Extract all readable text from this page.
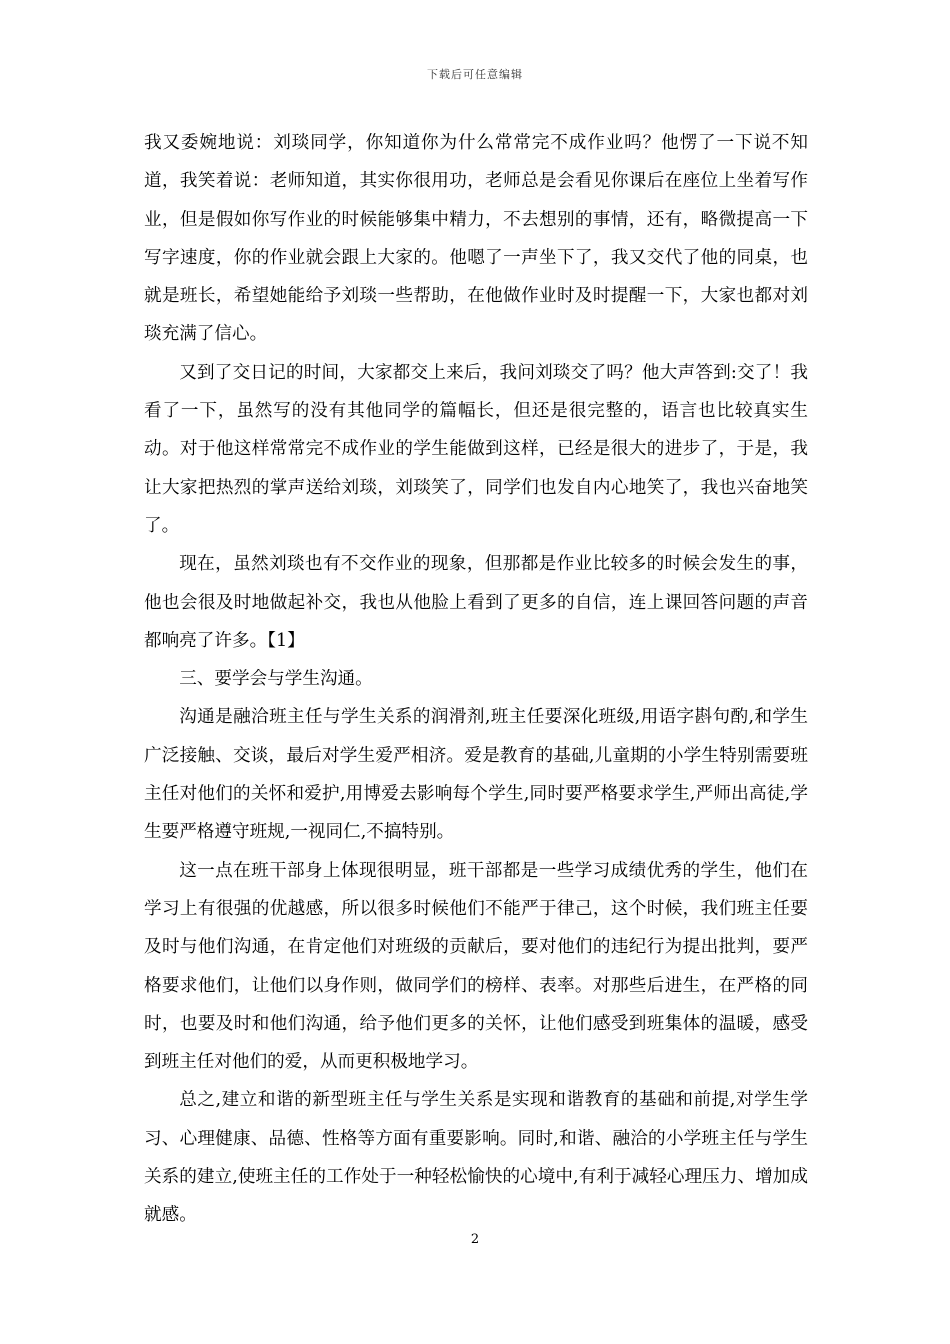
下载后可任意编辑

我又委婉地说：刘琰同学，你知道你为什么常常完不成作业吗？他愣了一下说不知道，我笑着说：老师知道，其实你很用功，老师总是会看见你课后在座位上坐着写作业，但是假如你写作业的时候能够集中精力，不去想别的事情，还有，略微提高一下写字速度，你的作业就会跟上大家的。他嗯了一声坐下了，我又交代了他的同桌，也就是班长，希望她能给予刘琰一些帮助，在他做作业时及时提醒一下，大家也都对刘琰充满了信心。

又到了交日记的时间，大家都交上来后，我问刘琰交了吗？他大声答到:交了！我看了一下，虽然写的没有其他同学的篇幅长，但还是很完整的，语言也比较真实生动。对于他这样常常完不成作业的学生能做到这样，已经是很大的进步了，于是，我让大家把热烈的掌声送给刘琰，刘琰笑了，同学们也发自内心地笑了，我也兴奋地笑了。

现在，虽然刘琰也有不交作业的现象，但那都是作业比较多的时候会发生的事，他也会很及时地做起补交，我也从他脸上看到了更多的自信，连上课回答问题的声音都响亮了许多。【1】

三、要学会与学生沟通。

沟通是融洽班主任与学生关系的润滑剂,班主任要深化班级,用语字斟句酌,和学生广泛接触、交谈，最后对学生爱严相济。爱是教育的基础,儿童期的小学生特别需要班主任对他们的关怀和爱护,用博爱去影响每个学生,同时要严格要求学生,严师出高徒,学生要严格遵守班规,一视同仁,不搞特别。

这一点在班干部身上体现很明显，班干部都是一些学习成绩优秀的学生，他们在学习上有很强的优越感，所以很多时候他们不能严于律己，这个时候，我们班主任要及时与他们沟通，在肯定他们对班级的贡献后，要对他们的违纪行为提出批判，要严格要求他们，让他们以身作则，做同学们的榜样、表率。对那些后进生，在严格的同时，也要及时和他们沟通，给予他们更多的关怀，让他们感受到班集体的温暖，感受到班主任对他们的爱，从而更积极地学习。

总之,建立和谐的新型班主任与学生关系是实现和谐教育的基础和前提,对学生学习、心理健康、品德、性格等方面有重要影响。同时,和谐、融洽的小学班主任与学生关系的建立,使班主任的工作处于一种轻松愉快的心境中,有利于减轻心理压力、增加成就感。

2
